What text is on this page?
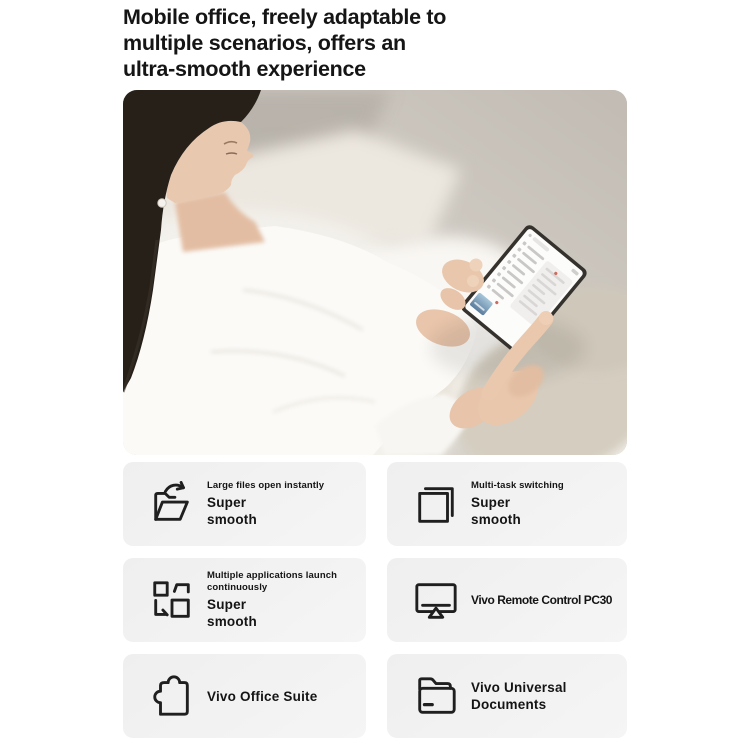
Mobile office, freely adaptable to
multiple scenarios, offers an
ultra-smooth experience
Large files open instantly
Super
smooth
Multi-task switching
Super
smooth
Multiple applications launch continuously
Super
smooth
Vivo Remote Control PC30
Vivo Office Suite
Vivo Universal
Documents
